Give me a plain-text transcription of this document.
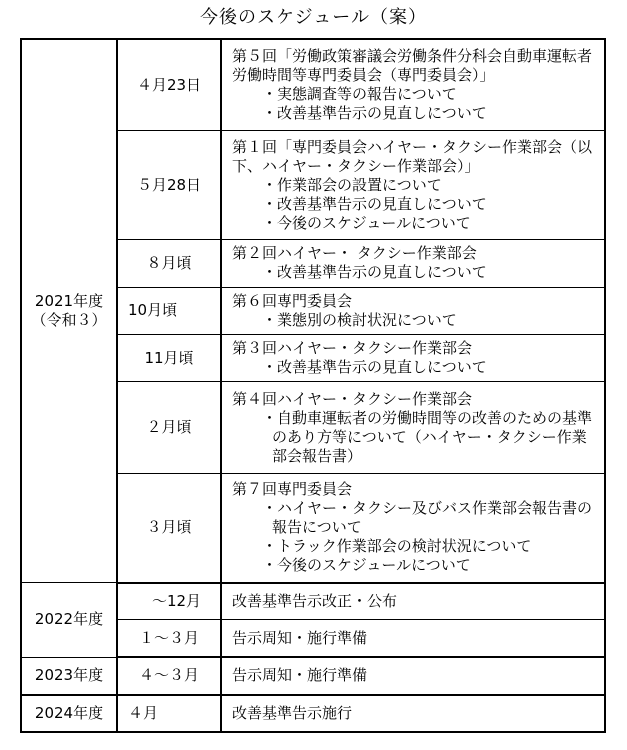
今後のスケジュール（案）
2021年度
（令和３）	４月23日	第５回「労働政策審議会労働条件分科会自動車運転者労働時間等専門委員会（専門委員会）」
・実態調査等の報告について
・改善基準告示の見直しについて

	５月28日	第１回「専門委員会ハイヤー・タクシー作業部会（以下、ハイヤー・タクシー作業部会）」
・作業部会の設置について
・改善基準告示の見直しについて
・今後のスケジュールについて

	８月頃	第２回ハイヤー・ タクシー作業部会
・改善基準告示の見直しについて

	10月頃	第６回専門委員会
・業態別の検討状況について

	11月頃	第３回ハイヤー・タクシー作業部会
・改善基準告示の見直しについて

	２月頃	第４回ハイヤー・タクシー作業部会
・自動車運転者の労働時間等の改善のための基準のあり方等について（ハイヤー・タクシー作業部会報告書）

	３月頃	第７回専門委員会
・ハイヤー・タクシー及びバス作業部会報告書の報告について
・トラック作業部会の検討状況について
・今後のスケジュールについて

2022年度	　～12月	改善基準告示改正・公布
	１～３月	告示周知・施行準備
2023年度	４～３月	告示周知・施行準備
2024年度	４月	改善基準告示施行
